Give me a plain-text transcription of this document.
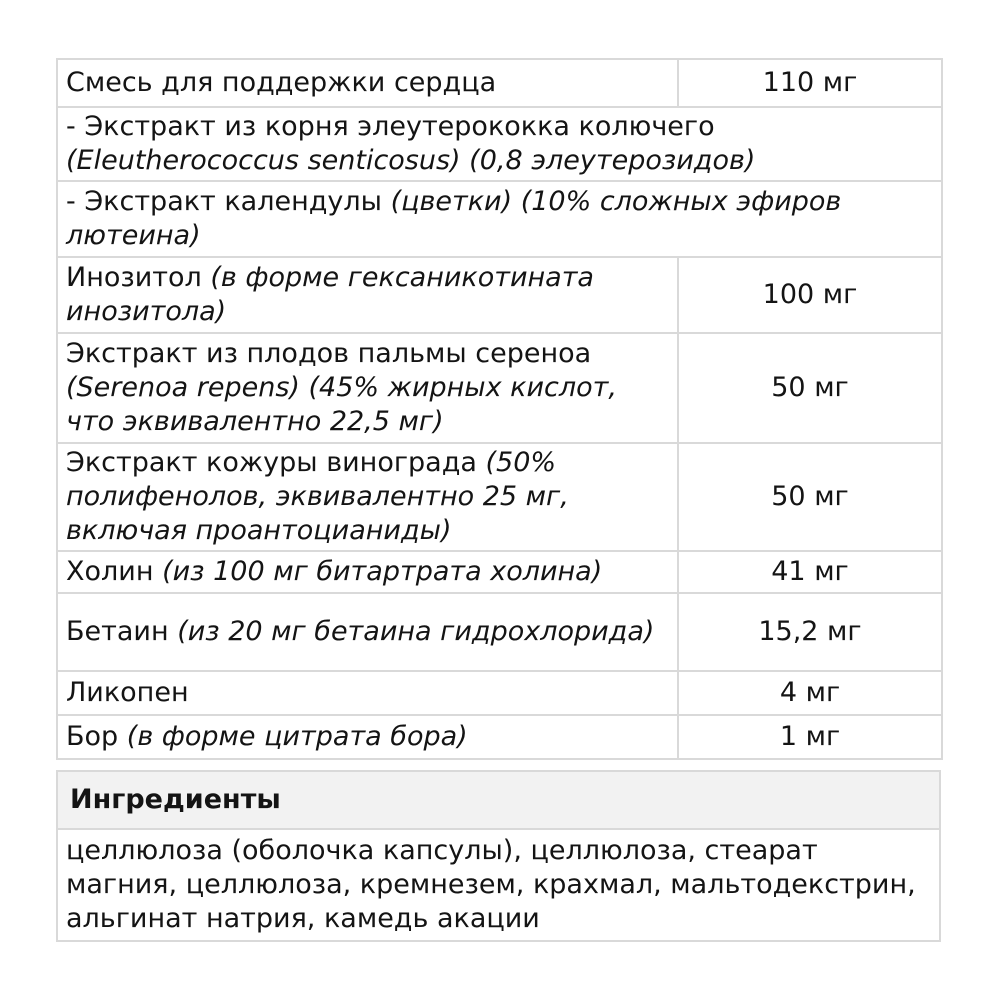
Смесь для поддержки сердца	110 мг
- Экстракт из корня элеутерококка колючего
(Eleutherococcus senticosus) (0,8 элеутерозидов)	
- Экстракт календулы (цветки) (10% сложных эфиров лютеина)	
Инозитол (в форме гексаникотината инозитола)	100 мг
Экстракт из плодов пальмы сереноа
(Serenoa repens) (45% жирных кислот, что эквивалентно 22,5 мг)	50 мг
Экстракт кожуры винограда (50% полифенолов, эквивалентно 25 мг, включая проантоцианиды)	50 мг
Холин (из 100 мг битартрата холина)	41 мг
Бетаин (из 20 мг бетаина гидрохлорида)	15,2 мг
Ликопен	4 мг
Бор (в форме цитрата бора)	1 мг
Ингредиенты
целлюлоза (оболочка капсулы), целлюлоза, стеарат магния, целлюлоза, кремнезем, крахмал, мальтодекстрин, альгинат натрия, камедь акации
